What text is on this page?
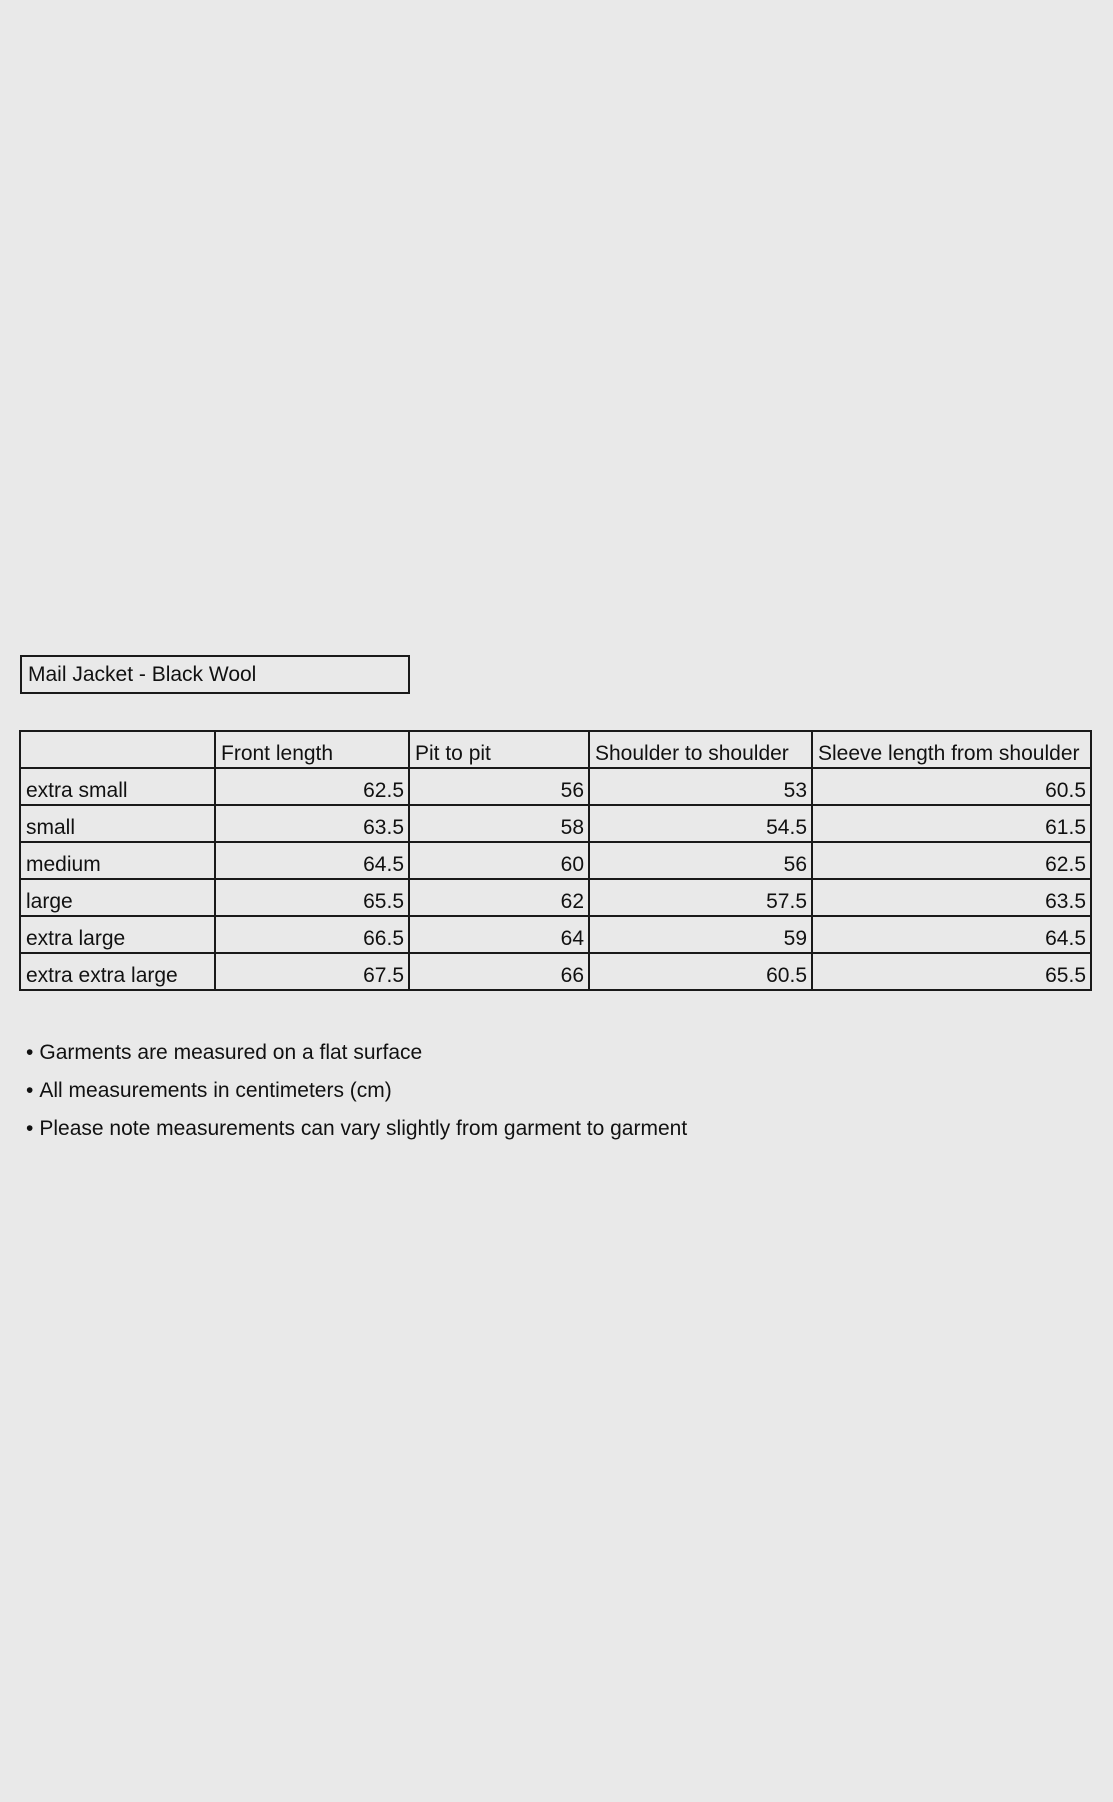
Mail Jacket - Black Wool
	Front length	Pit to pit	Shoulder to shoulder	Sleeve length from shoulder
extra small	62.5	56	53	60.5
small	63.5	58	54.5	61.5
medium	64.5	60	56	62.5
large	65.5	62	57.5	63.5
extra large	66.5	64	59	64.5
extra extra large	67.5	66	60.5	65.5
• Garments are measured on a flat surface
• All measurements in centimeters (cm)
• Please note measurements can vary slightly from garment to garment
